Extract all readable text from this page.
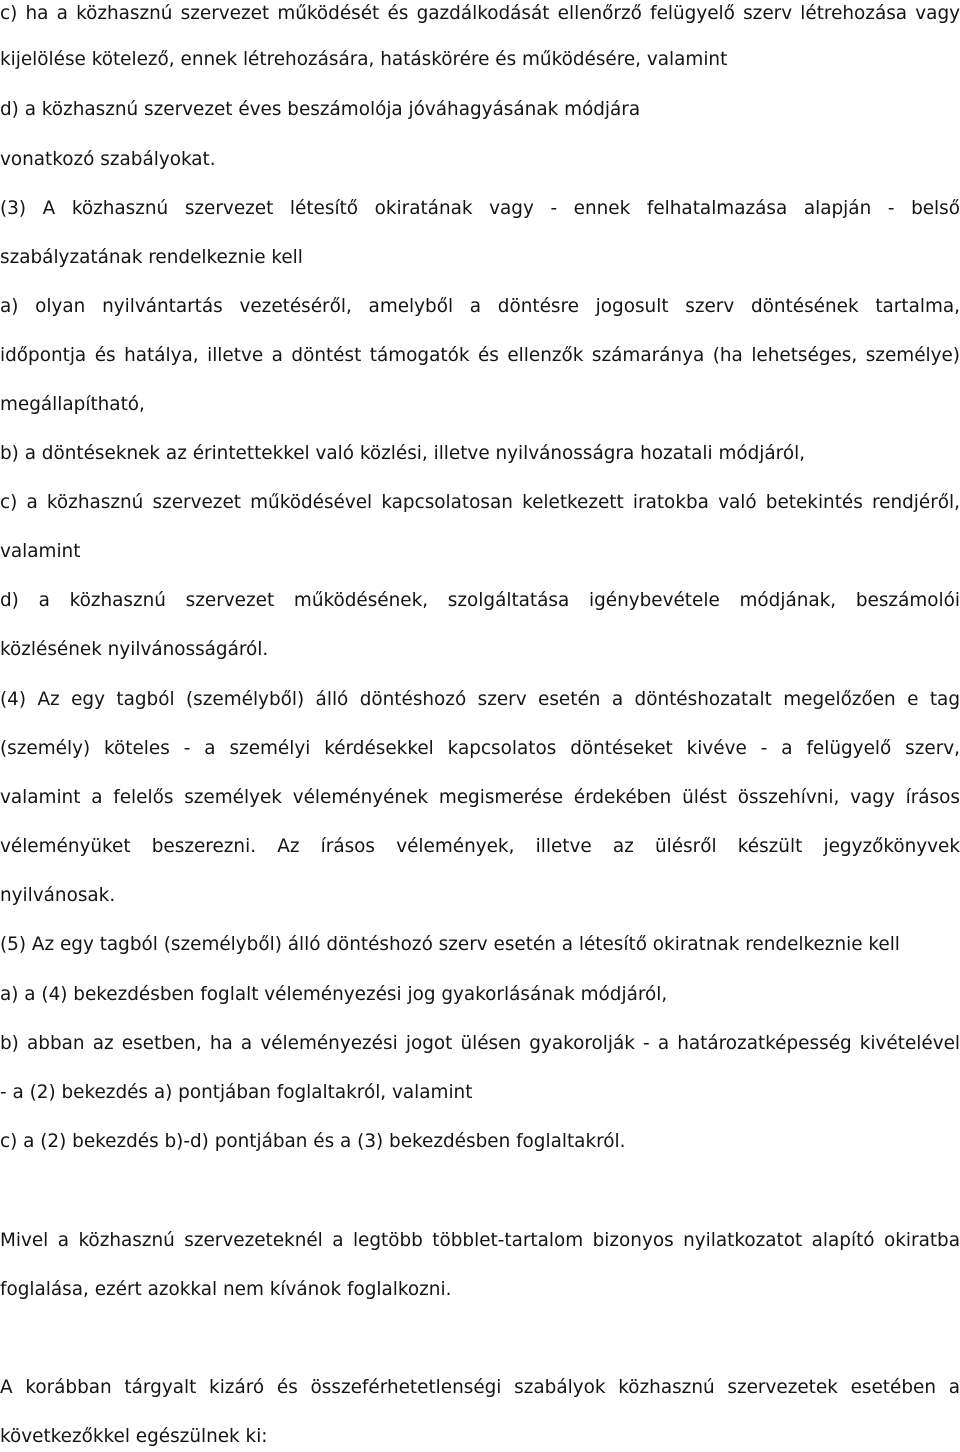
c) ha a közhasznú szervezet működését és gazdálkodását ellenőrző felügyelő szerv létrehozása vagy
kijelölése kötelező, ennek létrehozására, hatáskörére és működésére, valamint
d) a közhasznú szervezet éves beszámolója jóváhagyásának módjára
vonatkozó szabályokat.
(3) A közhasznú szervezet létesítő okiratának vagy - ennek felhatalmazása alapján - belső
szabályzatának rendelkeznie kell
a) olyan nyilvántartás vezetéséről, amelyből a döntésre jogosult szerv döntésének tartalma,
időpontja és hatálya, illetve a döntést támogatók és ellenzők számaránya (ha lehetséges, személye)
megállapítható,
b) a döntéseknek az érintettekkel való közlési, illetve nyilvánosságra hozatali módjáról,
c) a közhasznú szervezet működésével kapcsolatosan keletkezett iratokba való betekintés rendjéről,
valamint
d) a közhasznú szervezet működésének, szolgáltatása igénybevétele módjának, beszámolói
közlésének nyilvánosságáról.
(4) Az egy tagból (személyből) álló döntéshozó szerv esetén a döntéshozatalt megelőzően e tag
(személy) köteles - a személyi kérdésekkel kapcsolatos döntéseket kivéve - a felügyelő szerv,
valamint a felelős személyek véleményének megismerése érdekében ülést összehívni, vagy írásos
véleményüket beszerezni. Az írásos vélemények, illetve az ülésről készült jegyzőkönyvek
nyilvánosak.
(5) Az egy tagból (személyből) álló döntéshozó szerv esetén a létesítő okiratnak rendelkeznie kell
a) a (4) bekezdésben foglalt véleményezési jog gyakorlásának módjáról,
b) abban az esetben, ha a véleményezési jogot ülésen gyakorolják - a határozatképesség kivételével
- a (2) bekezdés a) pontjában foglaltakról, valamint
c) a (2) bekezdés b)-d) pontjában és a (3) bekezdésben foglaltakról.
Mivel a közhasznú szervezeteknél a legtöbb többlet-tartalom bizonyos nyilatkozatot alapító okiratba
foglalása, ezért azokkal nem kívánok foglalkozni.
A korábban tárgyalt kizáró és összeférhetetlenségi szabályok közhasznú szervezetek esetében a
következőkkel egészülnek ki:
